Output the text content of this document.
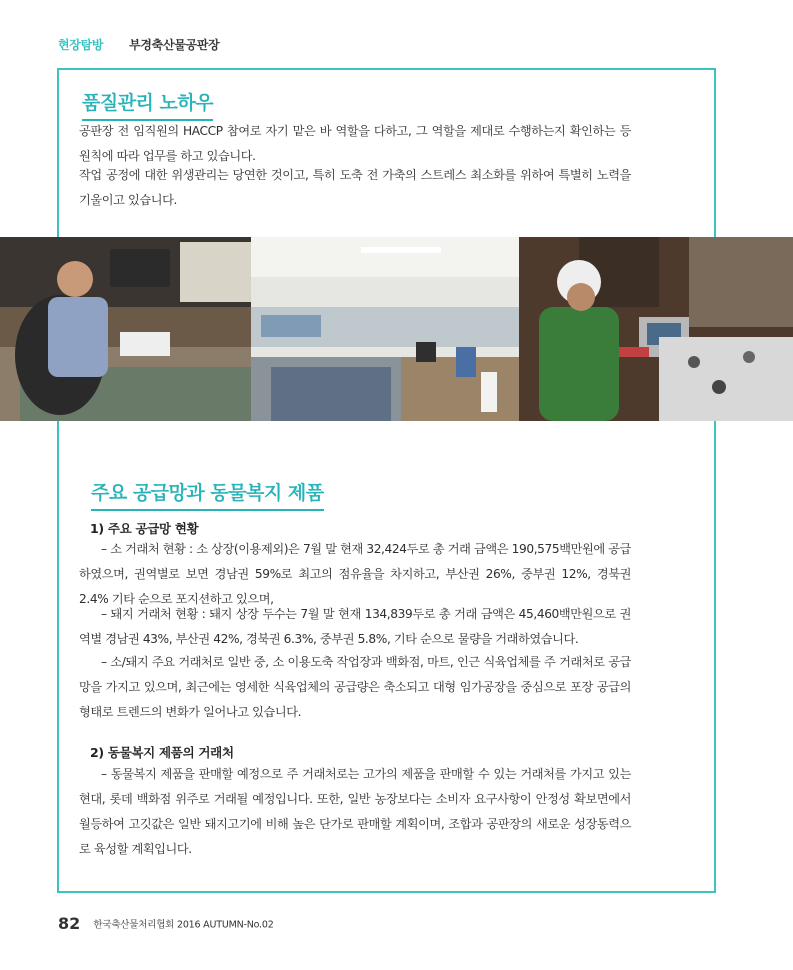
현장탐방 부경축산물공판장
품질관리 노하우

공판장 전 임직원의 HACCP 참여로 자기 맡은 바 역할을 다하고, 그 역할을 제대로 수행하는지 확인하는 등 원칙에 따라 업무를 하고 있습니다.

작업 공정에 대한 위생관리는 당연한 것이고, 특히 도축 전 가축의 스트레스 최소화를 위하여 특별히 노력을 기울이고 있습니다.

주요 공급망과 동물복지 제품
1) 주요 공급망 현황

– 소 거래처 현황 : 소 상장(이용제외)은 7월 말 현재 32,424두로 총 거래 금액은 190,575백만원에 공급하였으며, 권역별로 보면 경남권 59%로 최고의 점유율을 차지하고, 부산권 26%, 중부권 12%, 경북권 2.4% 기타 순으로 포지션하고 있으며,

– 돼지 거래처 현황 : 돼지 상장 두수는 7월 말 현재 134,839두로 총 거래 금액은 45,460백만원으로 권역별 경남권 43%, 부산권 42%, 경북권 6.3%, 중부권 5.8%, 기타 순으로 물량을 거래하였습니다.

– 소/돼지 주요 거래처로 일반 중, 소 이용도축 작업장과 백화점, 마트, 인근 식육업체를 주 거래처로 공급망을 가지고 있으며, 최근에는 영세한 식육업체의 공급량은 축소되고 대형 임가공장을 중심으로 포장 공급의 형태로 트렌드의 변화가 일어나고 있습니다.

2) 동물복지 제품의 거래처

– 동물복지 제품을 판매할 예정으로 주 거래처로는 고가의 제품을 판매할 수 있는 거래처를 가지고 있는 현대, 롯데 백화점 위주로 거래될 예정입니다. 또한, 일반 농장보다는 소비자 요구사항이 안정성 확보면에서 월등하여 고깃값은 일반 돼지고기에 비해 높은 단가로 판매할 계획이며, 조합과 공판장의 새로운 성장동력으로 육성할 계획입니다.

82 한국축산물처리협회 2016 AUTUMN-No.02
